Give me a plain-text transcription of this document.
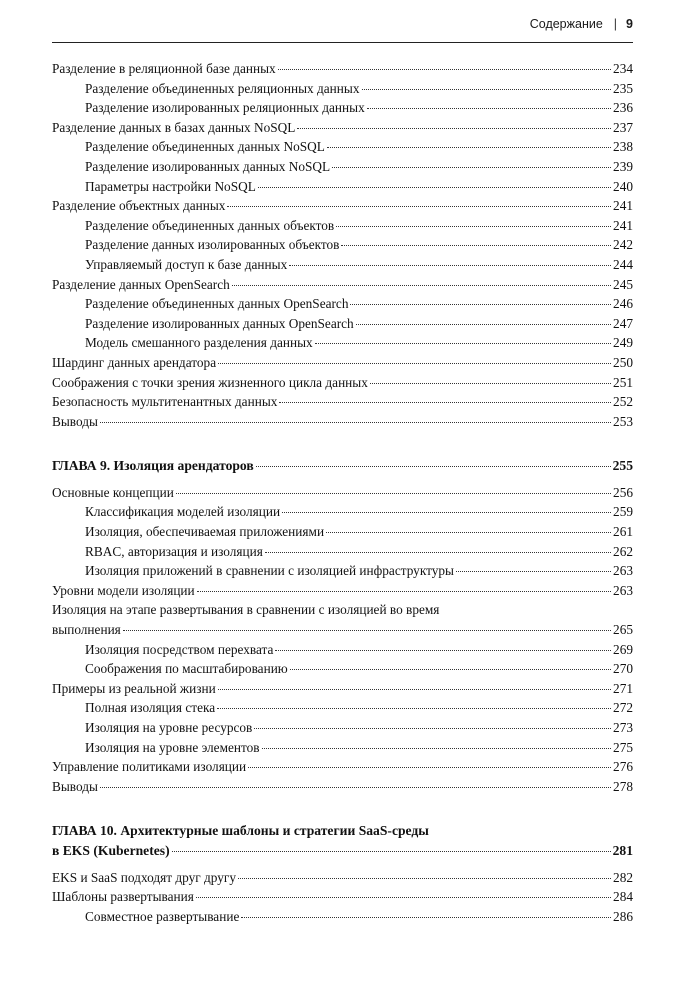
Содержание | 9
Разделение в реляционной базе данных	234
Разделение объединенных реляционных данных	235
Разделение изолированных реляционных данных	236
Разделение данных в базах данных NoSQL	237
Разделение объединенных данных NoSQL	238
Разделение изолированных данных NoSQL	239
Параметры настройки NoSQL	240
Разделение объектных данных	241
Разделение объединенных данных объектов	241
Разделение данных изолированных объектов	242
Управляемый доступ к базе данных	244
Разделение данных OpenSearch	245
Разделение объединенных данных OpenSearch	246
Разделение изолированных данных OpenSearch	247
Модель смешанного разделения данных	249
Шардинг данных арендатора	250
Соображения с точки зрения жизненного цикла данных	251
Безопасность мультитенантных данных	252
Выводы	253
ГЛАВА 9. Изоляция арендаторов	255
Основные концепции	256
Классификация моделей изоляции	259
Изоляция, обеспечиваемая приложениями	261
RBAC, авторизация и изоляция	262
Изоляция приложений в сравнении с изоляцией инфраструктуры	263
Уровни модели изоляции	263
Изоляция на этапе развертывания в сравнении с изоляцией во время
выполнения	265
Изоляция посредством перехвата	269
Соображения по масштабированию	270
Примеры из реальной жизни	271
Полная изоляция стека	272
Изоляция на уровне ресурсов	273
Изоляция на уровне элементов	275
Управление политиками изоляции	276
Выводы	278
ГЛАВА 10. Архитектурные шаблоны и стратегии SaaS-среды
в EKS (Kubernetes)	281
EKS и SaaS подходят друг другу	282
Шаблоны развертывания	284
Совместное развертывание	286
